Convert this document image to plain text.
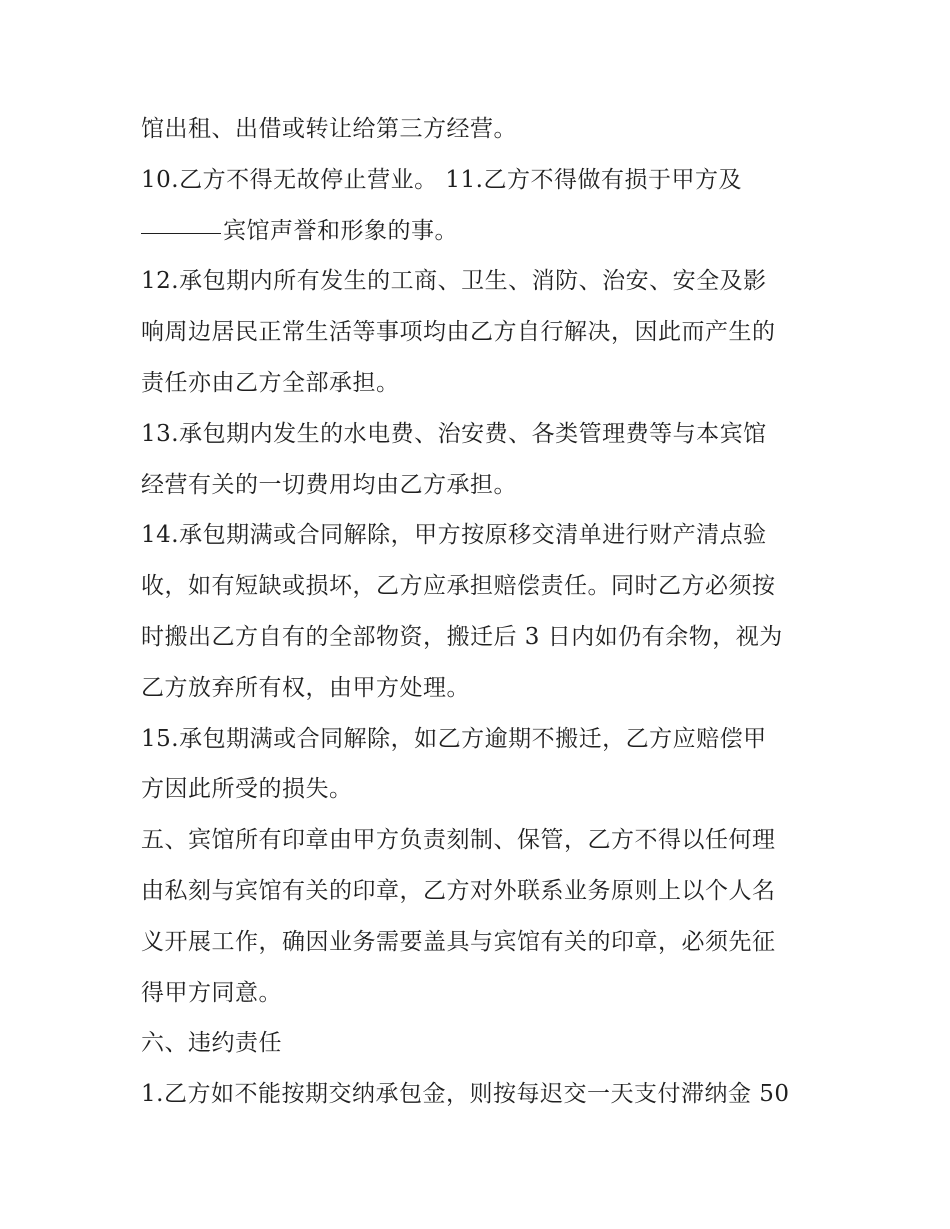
馆出租、出借或转让给第三方经营。
10.乙方不得无故停止营业。 11.乙方不得做有损于甲方及
宾馆声誉和形象的事。
12.承包期内所有发生的工商、卫生、消防、治安、安全及影
响周边居民正常生活等事项均由乙方自行解决，因此而产生的
责任亦由乙方全部承担。
13.承包期内发生的水电费、治安费、各类管理费等与本宾馆
经营有关的一切费用均由乙方承担。
14.承包期满或合同解除，甲方按原移交清单进行财产清点验
收，如有短缺或损坏，乙方应承担赔偿责任。同时乙方必须按
时搬出乙方自有的全部物资，搬迁后 3 日内如仍有余物，视为
乙方放弃所有权，由甲方处理。
15.承包期满或合同解除，如乙方逾期不搬迁，乙方应赔偿甲
方因此所受的损失。
五、宾馆所有印章由甲方负责刻制、保管，乙方不得以任何理
由私刻与宾馆有关的印章，乙方对外联系业务原则上以个人名
义开展工作，确因业务需要盖具与宾馆有关的印章，必须先征
得甲方同意。
六、违约责任
1.乙方如不能按期交纳承包金，则按每迟交一天支付滞纳金 50
